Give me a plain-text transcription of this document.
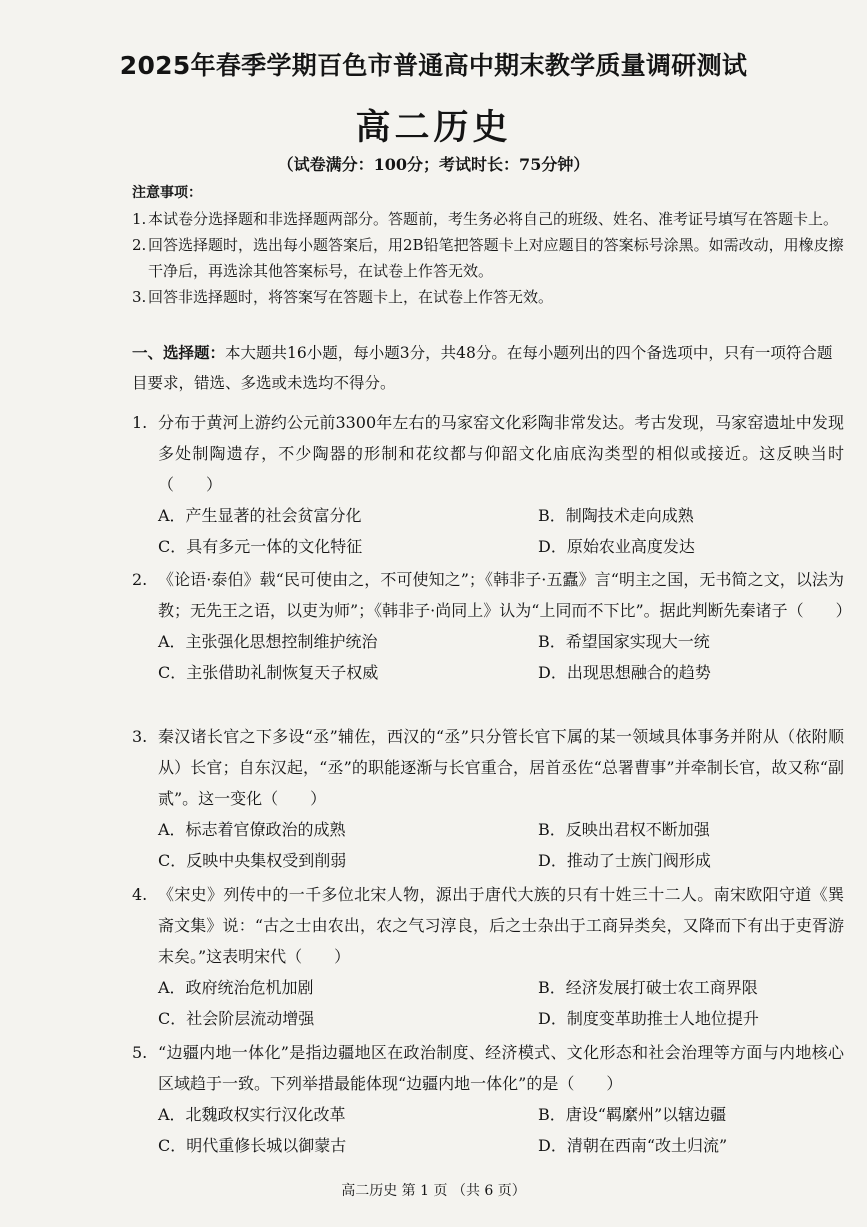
2025年春季学期百色市普通高中期末教学质量调研测试
高二历史
（试卷满分：100分；考试时长：75分钟）
注意事项：
1. 本试卷分选择题和非选择题两部分。答题前，考生务必将自己的班级、姓名、准考证号填写在答题卡上。
2. 回答选择题时，选出每小题答案后，用2B铅笔把答题卡上对应题目的答案标号涂黑。如需改动，用橡皮擦干净后，再选涂其他答案标号，在试卷上作答无效。
3. 回答非选择题时，将答案写在答题卡上，在试卷上作答无效。
一、选择题：本大题共16小题，每小题3分，共48分。在每小题列出的四个备选项中，只有一项符合题目要求，错选、多选或未选均不得分。
1. 分布于黄河上游约公元前3300年左右的马家窑文化彩陶非常发达。考古发现，马家窑遗址中发现多处制陶遗存，不少陶器的形制和花纹都与仰韶文化庙底沟类型的相似或接近。这反映当时（　　）
A．产生显著的社会贫富分化	B．制陶技术走向成熟
C．具有多元一体的文化特征	D．原始农业高度发达
2. 《论语·泰伯》载“民可使由之，不可使知之”；《韩非子·五蠹》言“明主之国，无书简之文，以法为教；无先王之语，以吏为师”；《韩非子·尚同上》认为“上同而不下比”。据此判断先秦诸子（　　）
A．主张强化思想控制维护统治	B．希望国家实现大一统
C．主张借助礼制恢复天子权威	D．出现思想融合的趋势
3. 秦汉诸长官之下多设“丞”辅佐，西汉的“丞”只分管长官下属的某一领域具体事务并附从（依附顺从）长官；自东汉起，“丞”的职能逐渐与长官重合，居首丞佐“总署曹事”并牵制长官，故又称“副贰”。这一变化（　　）
A．标志着官僚政治的成熟	B．反映出君权不断加强
C．反映中央集权受到削弱	D．推动了士族门阀形成
4. 《宋史》列传中的一千多位北宋人物，源出于唐代大族的只有十姓三十二人。南宋欧阳守道《巽斋文集》说：“古之士由农出，农之气习淳良，后之士杂出于工商异类矣，又降而下有出于吏胥游末矣。”这表明宋代（　　）
A．政府统治危机加剧	B．经济发展打破士农工商界限
C．社会阶层流动增强	D．制度变革助推士人地位提升
5. “边疆内地一体化”是指边疆地区在政治制度、经济模式、文化形态和社会治理等方面与内地核心区域趋于一致。下列举措最能体现“边疆内地一体化”的是（　　）
A．北魏政权实行汉化改革	B．唐设“羁縻州”以辖边疆
C．明代重修长城以御蒙古	D．清朝在西南“改土归流”
高二历史 第 1 页 （共 6 页）
